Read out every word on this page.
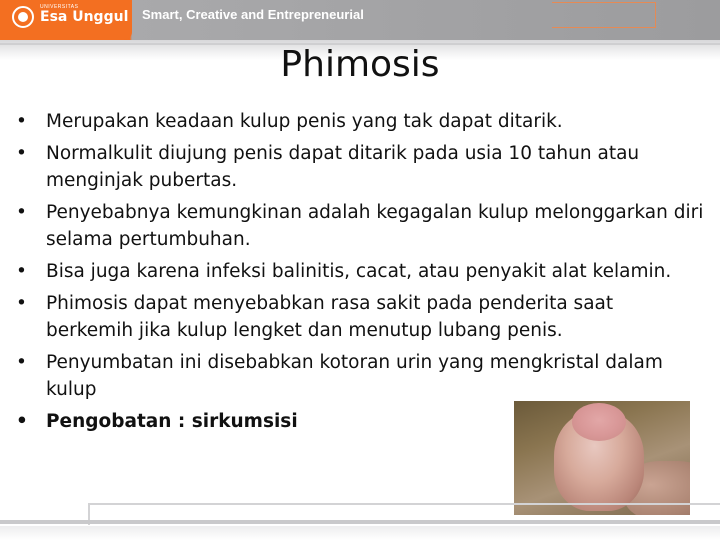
UNIVERSITAS
Esa Unggul Smart, Creative and Entrepreneurial
Phimosis
• Merupakan keadaan kulup penis yang tak dapat ditarik.
• Normalkulit diujung penis dapat ditarik pada usia 10 tahun atau menginjak pubertas.
• Penyebabnya kemungkinan adalah kegagalan kulup melonggarkan diri selama pertumbuhan.
• Bisa juga karena infeksi balinitis, cacat, atau penyakit alat kelamin.
• Phimosis dapat menyebabkan rasa sakit pada penderita saat berkemih jika kulup lengket dan menutup lubang penis.
• Penyumbatan ini disebabkan kotoran urin yang mengkristal dalam kulup
• Pengobatan : sirkumsisi
